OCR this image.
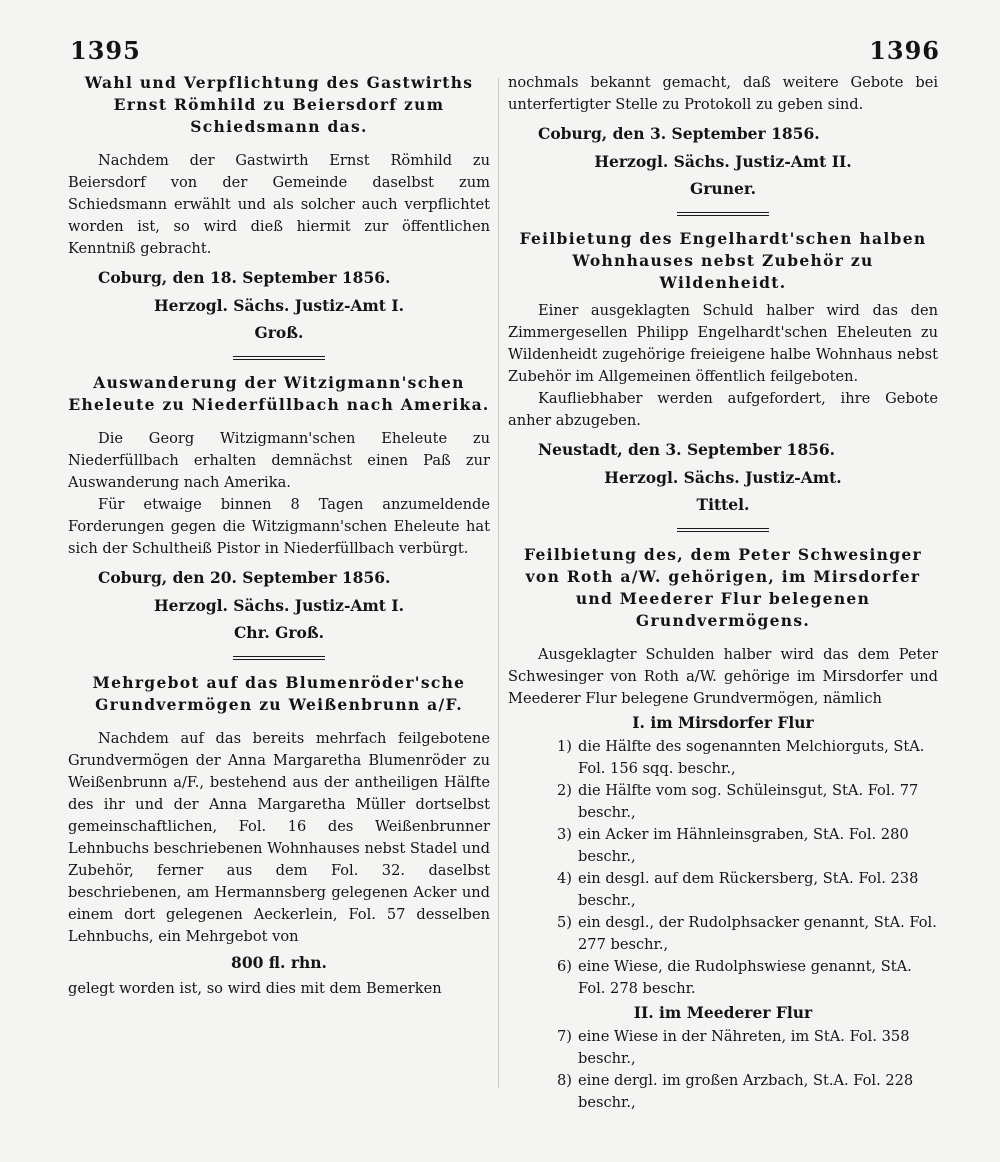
1395	1396

Wahl und Verpflichtung des Gastwirths Ernst Römhild zu Beiersdorf zum Schiedsmann das.

Nachdem der Gastwirth Ernst Römhild zu Beiersdorf von der Gemeinde daselbst zum Schiedsmann erwählt und als solcher auch verpflichtet worden ist, so wird dieß hiermit zur öffentlichen Kenntniß gebracht.

Coburg, den 18. September 1856.

Herzogl. Sächs. Justiz-Amt I.

Groß.

Auswanderung der Witzigmann'schen Eheleute zu Niederfüllbach nach Amerika.

Die Georg Witzigmann'schen Eheleute zu Niederfüllbach erhalten demnächst einen Paß zur Auswanderung nach Amerika.

Für etwaige binnen 8 Tagen anzumeldende Forderungen gegen die Witzigmann'schen Eheleute hat sich der Schultheiß Pistor in Niederfüllbach verbürgt.

Coburg, den 20. September 1856.

Herzogl. Sächs. Justiz-Amt I.

Chr. Groß.

Mehrgebot auf das Blumenröder'sche Grundvermögen zu Weißenbrunn a/F.

Nachdem auf das bereits mehrfach feilgebotene Grundvermögen der Anna Margaretha Blumenröder zu Weißenbrunn a/F., bestehend aus der antheiligen Hälfte des ihr und der Anna Margaretha Müller dortselbst gemeinschaftlichen, Fol. 16 des Weißenbrunner Lehnbuchs beschriebenen Wohnhauses nebst Stadel und Zubehör, ferner aus dem Fol. 32. daselbst beschriebenen, am Hermannsberg gelegenen Acker und einem dort gelegenen Aeckerlein, Fol. 57 desselben Lehnbuchs, ein Mehrgebot von

800 fl. rhn.

gelegt worden ist, so wird dies mit dem Bemerken

nochmals bekannt gemacht, daß weitere Gebote bei unterfertigter Stelle zu Protokoll zu geben sind.

Coburg, den 3. September 1856.

Herzogl. Sächs. Justiz-Amt II.

Gruner.

Feilbietung des Engelhardt'schen halben Wohnhauses nebst Zubehör zu Wildenheidt.

Einer ausgeklagten Schuld halber wird das den Zimmergesellen Philipp Engelhardt'schen Eheleuten zu Wildenheidt zugehörige freieigene halbe Wohnhaus nebst Zubehör im Allgemeinen öffentlich feilgeboten.

Kaufliebhaber werden aufgefordert, ihre Gebote anher abzugeben.

Neustadt, den 3. September 1856.

Herzogl. Sächs. Justiz-Amt.

Tittel.

Feilbietung des, dem Peter Schwesinger von Roth a/W. gehörigen, im Mirsdorfer und Meederer Flur belegenen Grundvermögens.

Ausgeklagter Schulden halber wird das dem Peter Schwesinger von Roth a/W. gehörige im Mirsdorfer und Meederer Flur belegene Grundvermögen, nämlich

I. im Mirsdorfer Flur

1) die Hälfte des sogenannten Melchiorguts, StA. Fol. 156 sqq. beschr.,
2) die Hälfte vom sog. Schüleinsgut, StA. Fol. 77 beschr.,
3) ein Acker im Hähnleinsgraben, StA. Fol. 280 beschr.,
4) ein desgl. auf dem Rückersberg, StA. Fol. 238 beschr.,
5) ein desgl., der Rudolphsacker genannt, StA. Fol. 277 beschr.,
6) eine Wiese, die Rudolphswiese genannt, StA. Fol. 278 beschr.

II. im Meederer Flur

7) eine Wiese in der Nähreten, im StA. Fol. 358 beschr.,
8) eine dergl. im großen Arzbach, St.A. Fol. 228 beschr.,
